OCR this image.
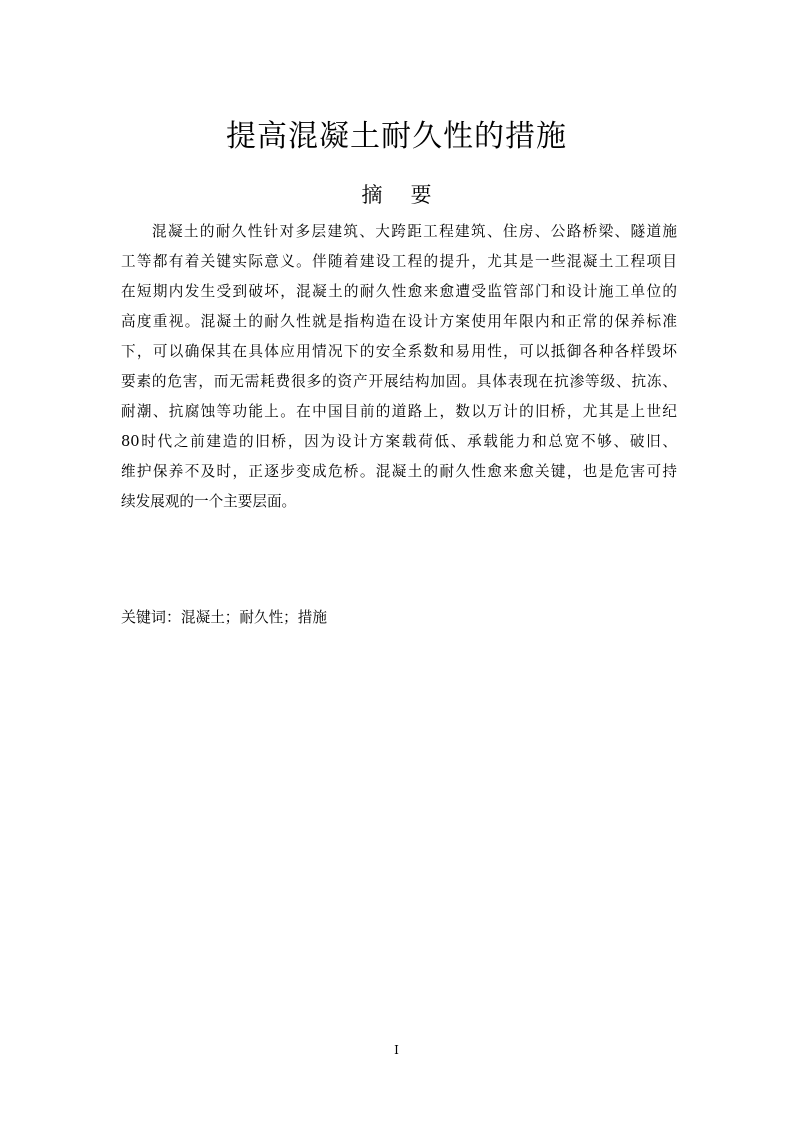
提高混凝土耐久性的措施
摘 要
混凝土的耐久性针对多层建筑、大跨距工程建筑、住房、公路桥梁、隧道施
工等都有着关键实际意义。伴随着建设工程的提升，尤其是一些混凝土工程项目
在短期内发生受到破坏，混凝土的耐久性愈来愈遭受监管部门和设计施工单位的
高度重视。混凝土的耐久性就是指构造在设计方案使用年限内和正常的保养标准
下，可以确保其在具体应用情况下的安全系数和易用性，可以抵御各种各样毁坏
要素的危害，而无需耗费很多的资产开展结构加固。具体表现在抗渗等级、抗冻、
耐潮、抗腐蚀等功能上。在中国目前的道路上，数以万计的旧桥，尤其是上世纪
80时代之前建造的旧桥，因为设计方案载荷低、承载能力和总宽不够、破旧、
维护保养不及时，正逐步变成危桥。混凝土的耐久性愈来愈关键，也是危害可持
续发展观的一个主要层面。
关键词：混凝土；耐久性；措施
I
